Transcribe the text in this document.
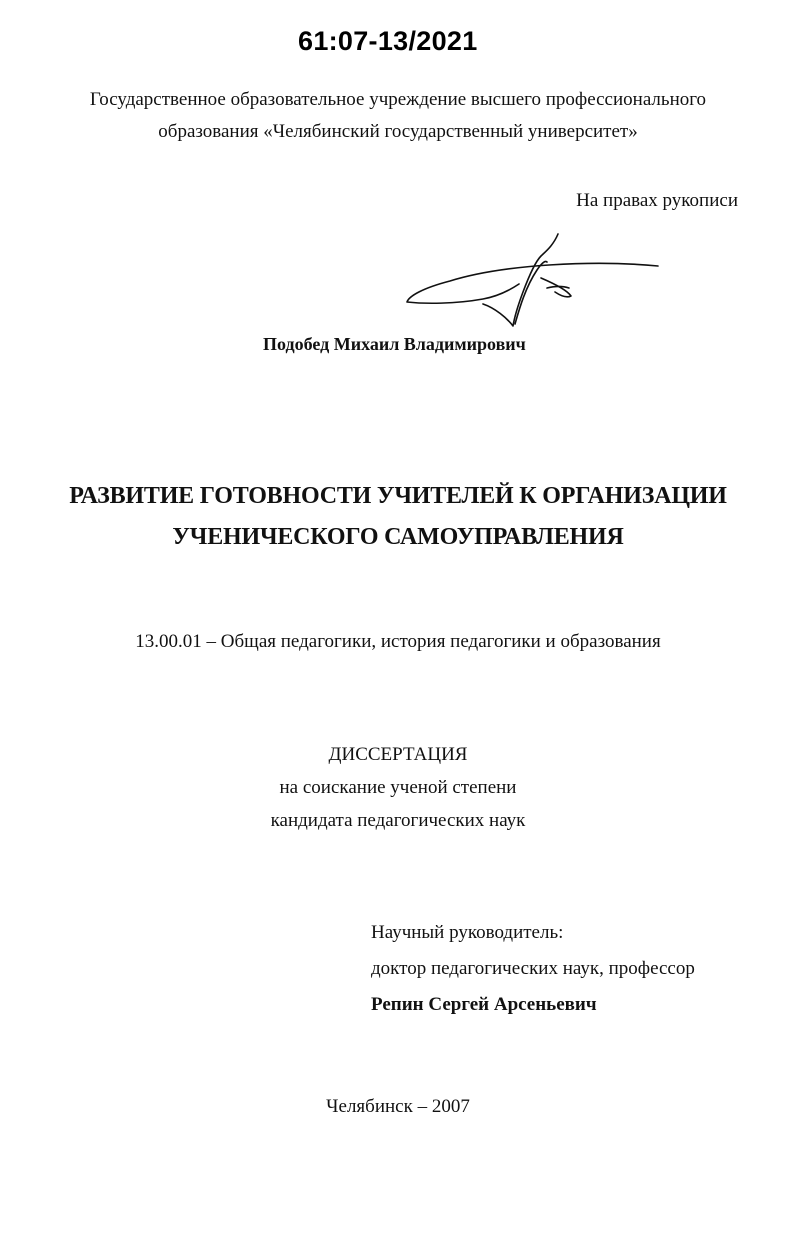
61:07-13/2021
Государственное образовательное учреждение высшего профессионального
образования «Челябинский государственный университет»
На правах рукописи
Подобед Михаил Владимирович
РАЗВИТИЕ ГОТОВНОСТИ УЧИТЕЛЕЙ К ОРГАНИЗАЦИИ
УЧЕНИЧЕСКОГО САМОУПРАВЛЕНИЯ
13.00.01 – Общая педагогики, история педагогики и образования
ДИССЕРТАЦИЯ
на соискание ученой степени
кандидата педагогических наук
Научный руководитель:
доктор педагогических наук, профессор
Репин Сергей Арсеньевич
Челябинск – 2007
